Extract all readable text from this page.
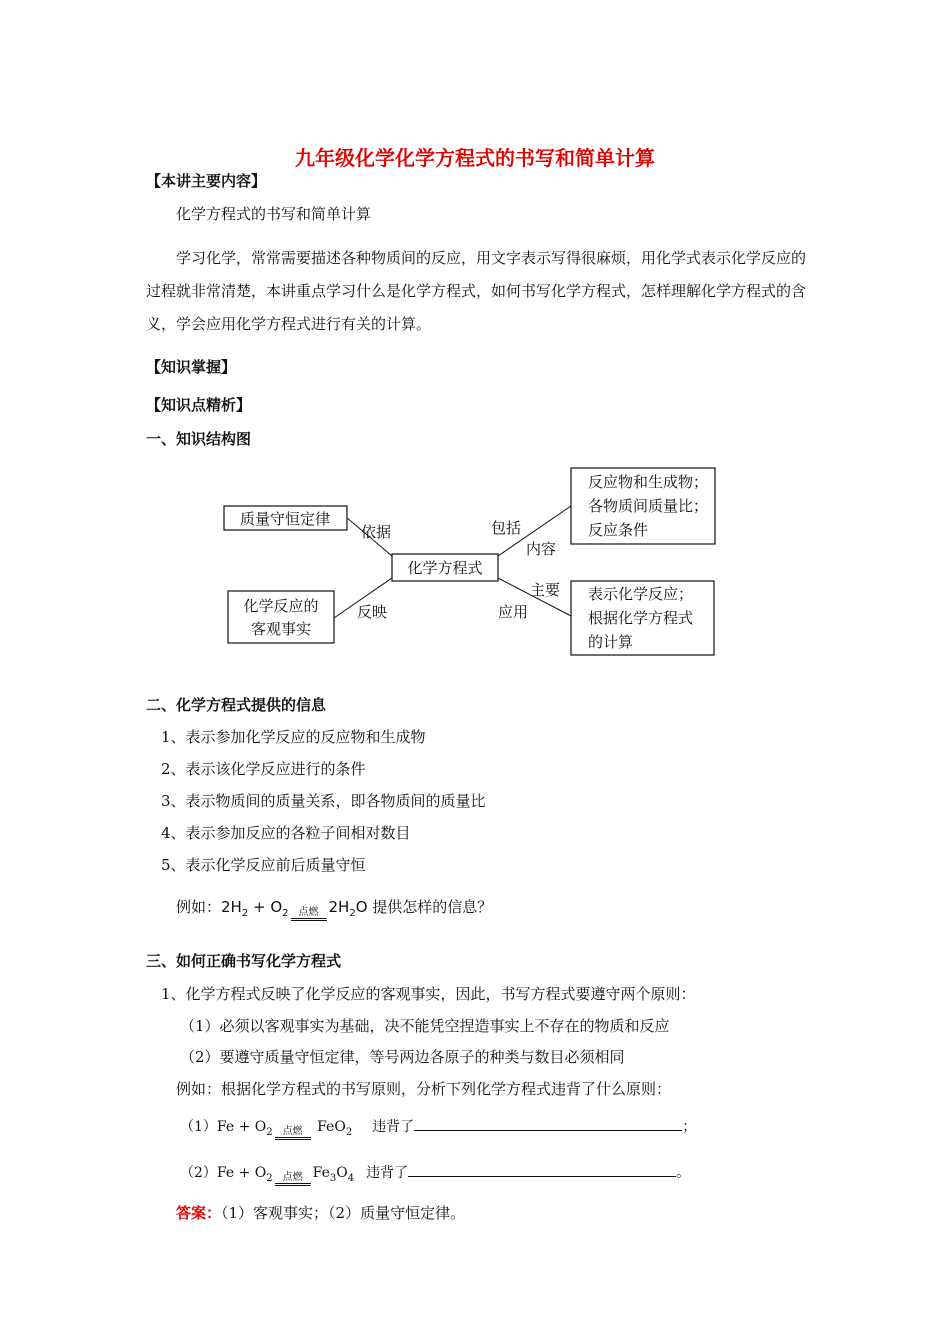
九年级化学化学方程式的书写和简单计算
【本讲主要内容】
化学方程式的书写和简单计算
学习化学，常常需要描述各种物质间的反应，用文字表示写得很麻烦，用化学式表示化学反应的过程就非常清楚，本讲重点学习什么是化学方程式，如何书写化学方程式，怎样理解化学方程式的含义，学会应用化学方程式进行有关的计算。
【知识掌握】
【知识点精析】
一、知识结构图
质量守恒定律
化学方程式
化学反应的
客观事实
反应物和生成物；
各物质间质量比；
反应条件
表示化学反应；
根据化学方程式
的计算
依据
反映
包括
内容
主要
应用
二、化学方程式提供的信息
1、表示参加化学反应的反应物和生成物
2、表示该化学反应进行的条件
3、表示物质间的质量关系，即各物质间的质量比
4、表示参加反应的各粒子间相对数目
5、表示化学反应前后质量守恒
例如：$2H_2 + O_2$ 点燃 $2H_2O$ 提供怎样的信息？
三、如何正确书写化学方程式
1、化学方程式反映了化学反应的客观事实，因此，书写方程式要遵守两个原则：
（1）必须以客观事实为基础，决不能凭空捏造事实上不存在的物质和反应
（2）要遵守质量守恒定律，等号两边各原子的种类与数目必须相同
例如：根据化学方程式的书写原则，分析下列化学方程式违背了什么原则：
$(1)Fe + O_2$ 点燃 FeO$_2$ 违背了	；
$(2)Fe + O_2$ 点燃 $Fe_3O_4$ 违背了	。
答案：（1）客观事实；（2）质量守恒定律。
